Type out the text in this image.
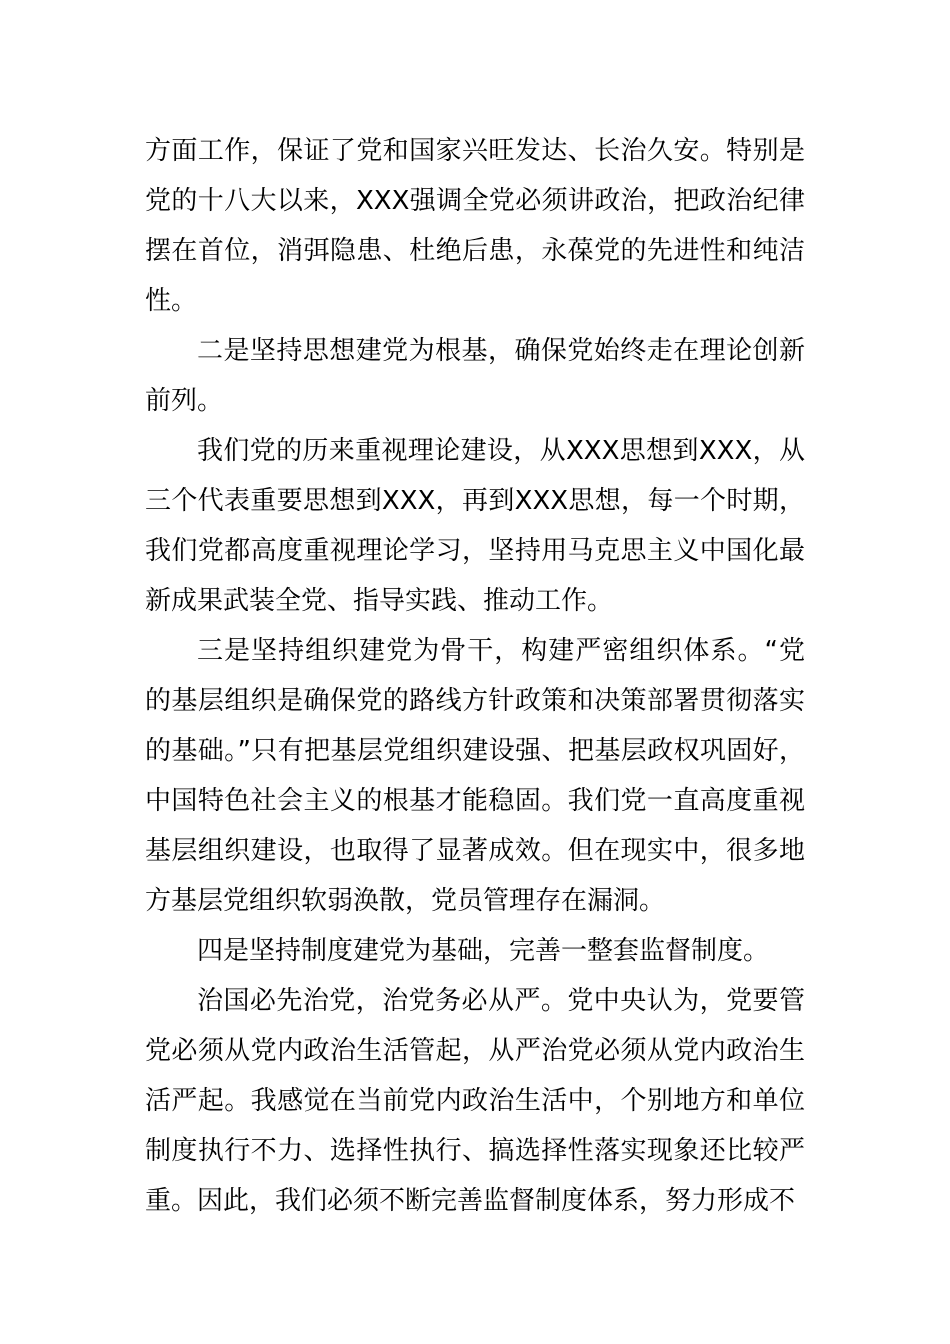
方面工作，保证了党和国家兴旺发达、长治久安。特别是党的十八大以来，XXX强调全党必须讲政治，把政治纪律摆在首位，消弭隐患、杜绝后患，永葆党的先进性和纯洁性。

二是坚持思想建党为根基，确保党始终走在理论创新前列。

我们党的历来重视理论建设，从XXX思想到XXX，从三个代表重要思想到XXX，再到XXX思想，每一个时期，我们党都高度重视理论学习，坚持用马克思主义中国化最新成果武装全党、指导实践、推动工作。

三是坚持组织建党为骨干，构建严密组织体系。“党的基层组织是确保党的路线方针政策和决策部署贯彻落实的基础。”只有把基层党组织建设强、把基层政权巩固好，中国特色社会主义的根基才能稳固。我们党一直高度重视基层组织建设，也取得了显著成效。但在现实中，很多地方基层党组织软弱涣散，党员管理存在漏洞。

四是坚持制度建党为基础，完善一整套监督制度。

治国必先治党，治党务必从严。党中央认为，党要管党必须从党内政治生活管起，从严治党必须从党内政治生活严起。我感觉在当前党内政治生活中，个别地方和单位制度执行不力、选择性执行、搞选择性落实现象还比较严重。因此，我们必须不断完善监督制度体系，努力形成不
